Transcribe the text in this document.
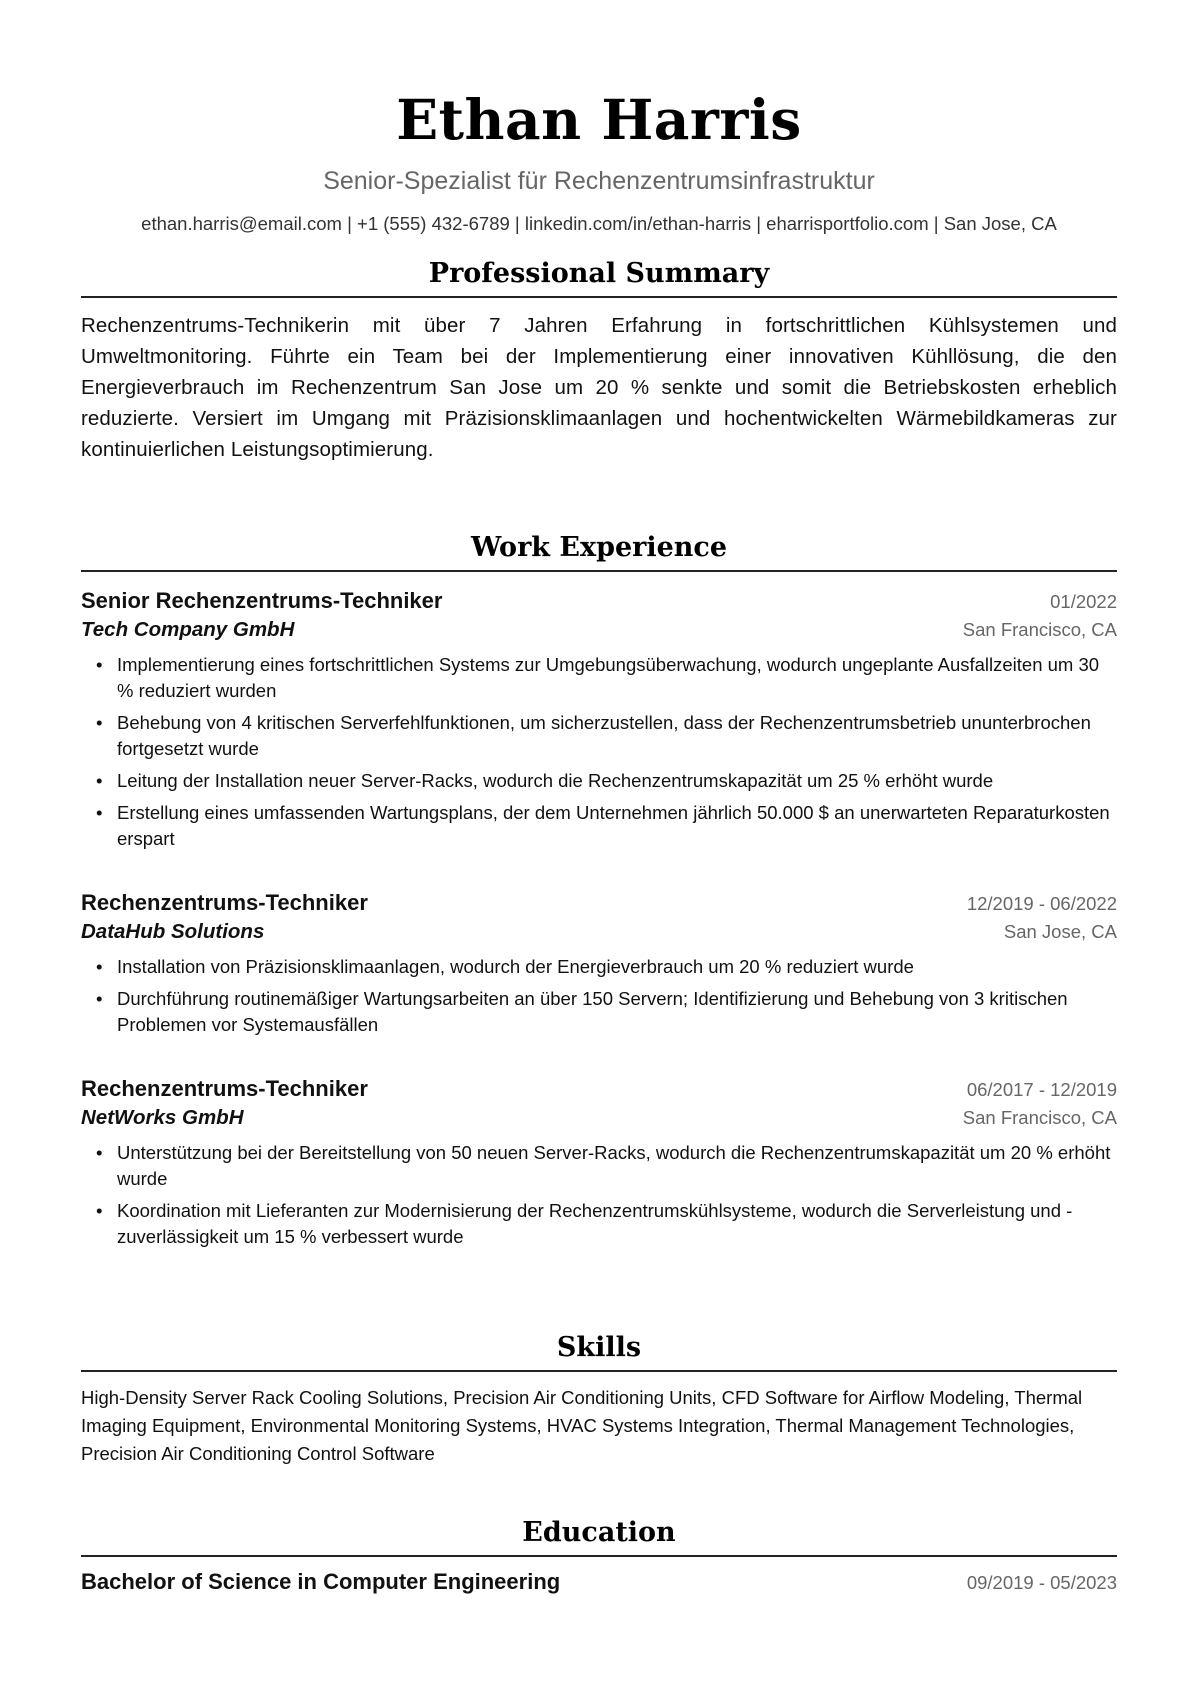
Ethan Harris
Senior-Spezialist für Rechenzentrumsinfrastruktur
ethan.harris@email.com | +1 (555) 432-6789 | linkedin.com/in/ethan-harris | eharrisportfolio.com | San Jose, CA
Professional Summary

Rechenzentrums-Technikerin mit über 7 Jahren Erfahrung in fortschrittlichen Kühlsystemen und Umweltmonitoring. Führte ein Team bei der Implementierung einer innovativen Kühllösung, die den Energieverbrauch im Rechenzentrum San Jose um 20 % senkte und somit die Betriebskosten erheblich reduzierte. Versiert im Umgang mit Präzisionsklimaanlagen und hochentwickelten Wärmebildkameras zur kontinuierlichen Leistungsoptimierung.

Work Experience
Senior Rechenzentrums-Techniker	01/2022
Tech Company GmbH	San Francisco, CA
• Implementierung eines fortschrittlichen Systems zur Umgebungsüberwachung, wodurch ungeplante Ausfallzeiten um 30 % reduziert wurden
• Behebung von 4 kritischen Serverfehlfunktionen, um sicherzustellen, dass der Rechenzentrumsbetrieb ununterbrochen fortgesetzt wurde
• Leitung der Installation neuer Server-Racks, wodurch die Rechenzentrumskapazität um 25 % erhöht wurde
• Erstellung eines umfassenden Wartungsplans, der dem Unternehmen jährlich 50.000 $ an unerwarteten Reparaturkosten erspart
Rechenzentrums-Techniker	12/2019 - 06/2022
DataHub Solutions	San Jose, CA
• Installation von Präzisionsklimaanlagen, wodurch der Energieverbrauch um 20 % reduziert wurde
• Durchführung routinemäßiger Wartungsarbeiten an über 150 Servern; Identifizierung und Behebung von 3 kritischen Problemen vor Systemausfällen
Rechenzentrums-Techniker	06/2017 - 12/2019
NetWorks GmbH	San Francisco, CA
• Unterstützung bei der Bereitstellung von 50 neuen Server-Racks, wodurch die Rechenzentrumskapazität um 20 % erhöht wurde
• Koordination mit Lieferanten zur Modernisierung der Rechenzentrumskühlsysteme, wodurch die Serverleistung und -zuverlässigkeit um 15 % verbessert wurde
Skills
High-Density Server Rack Cooling Solutions, Precision Air Conditioning Units, CFD Software for Airflow Modeling, Thermal Imaging Equipment, Environmental Monitoring Systems, HVAC Systems Integration, Thermal Management Technologies, Precision Air Conditioning Control Software
Education
Bachelor of Science in Computer Engineering	09/2019 - 05/2023
